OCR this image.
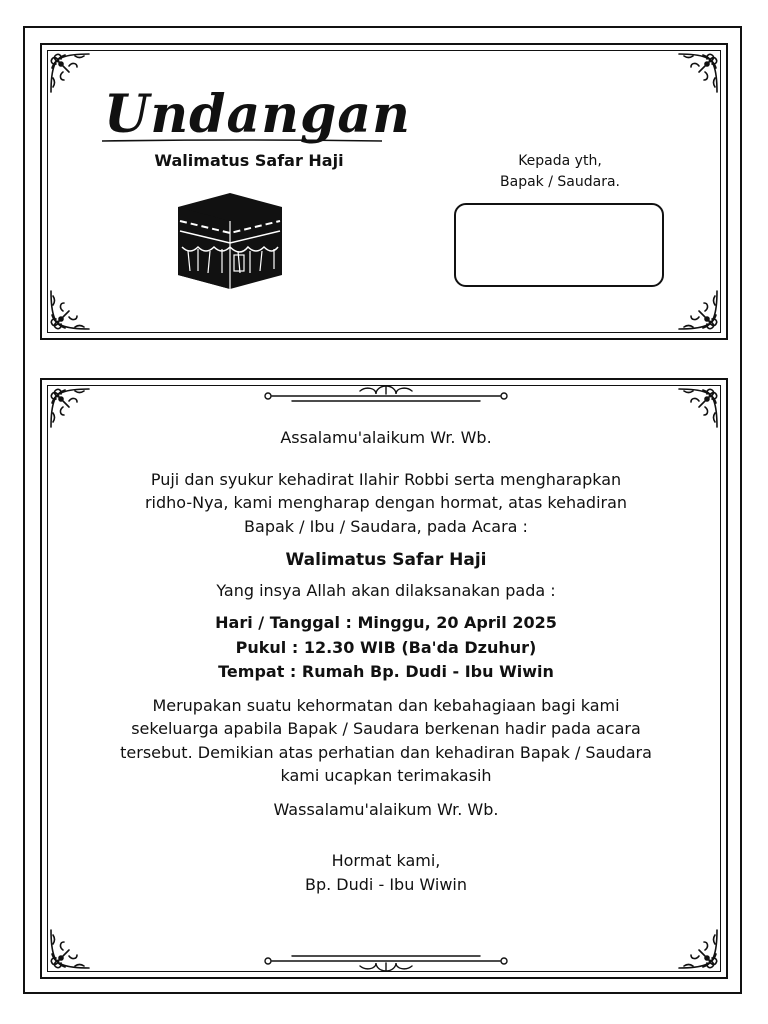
Undangan

Walimatus Safar Haji	Kepada yth,
Bapak / Saudara.

Assalamu'alaikum Wr. Wb.

Puji dan syukur kehadirat Ilahir Robbi serta mengharapkan

ridho-Nya, kami mengharap dengan hormat, atas kehadiran

Bapak / Ibu / Saudara, pada Acara :

Walimatus Safar Haji

Yang insya Allah akan dilaksanakan pada :

Hari / Tanggal : Minggu, 20 April 2025

Pukul : 12.30 WIB (Ba'da Dzuhur)

Tempat : Rumah Bp. Dudi - Ibu Wiwin

Merupakan suatu kehormatan dan kebahagiaan bagi kami

sekeluarga apabila Bapak / Saudara berkenan hadir pada acara

tersebut. Demikian atas perhatian dan kehadiran Bapak / Saudara

kami ucapkan terimakasih

Wassalamu'alaikum Wr. Wb.

Hormat kami,

Bp. Dudi - Ibu Wiwin
